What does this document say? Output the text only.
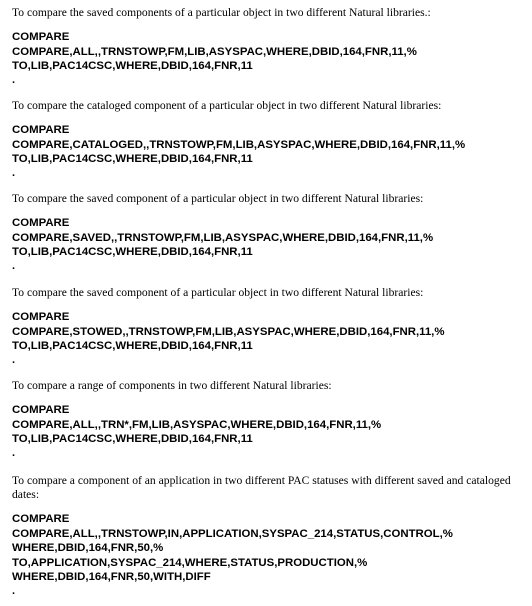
To compare the saved components of a particular object in two different Natural libraries.:

COMPARE
COMPARE,ALL,,TRNSTOWP,FM,LIB,ASYSPAC,WHERE,DBID,164,FNR,11,%
TO,LIB,PAC14CSC,WHERE,DBID,164,FNR,11
.

To compare the cataloged component of a particular object in two different Natural libraries:

COMPARE
COMPARE,CATALOGED,,TRNSTOWP,FM,LIB,ASYSPAC,WHERE,DBID,164,FNR,11,%
TO,LIB,PAC14CSC,WHERE,DBID,164,FNR,11
.

To compare the saved component of a particular object in two different Natural libraries:

COMPARE
COMPARE,SAVED,,TRNSTOWP,FM,LIB,ASYSPAC,WHERE,DBID,164,FNR,11,%
TO,LIB,PAC14CSC,WHERE,DBID,164,FNR,11
.

To compare the saved component of a particular object in two different Natural libraries:

COMPARE
COMPARE,STOWED,,TRNSTOWP,FM,LIB,ASYSPAC,WHERE,DBID,164,FNR,11,%
TO,LIB,PAC14CSC,WHERE,DBID,164,FNR,11
.

To compare a range of components in two different Natural libraries:

COMPARE
COMPARE,ALL,,TRN*,FM,LIB,ASYSPAC,WHERE,DBID,164,FNR,11,%
TO,LIB,PAC14CSC,WHERE,DBID,164,FNR,11
.

To compare a component of an application in two different PAC statuses with different saved and cataloged dates:

COMPARE
COMPARE,ALL,,TRNSTOWP,IN,APPLICATION,SYSPAC_214,STATUS,CONTROL,%
WHERE,DBID,164,FNR,50,%
TO,APPLICATION,SYSPAC_214,WHERE,STATUS,PRODUCTION,%
WHERE,DBID,164,FNR,50,WITH,DIFF
.
